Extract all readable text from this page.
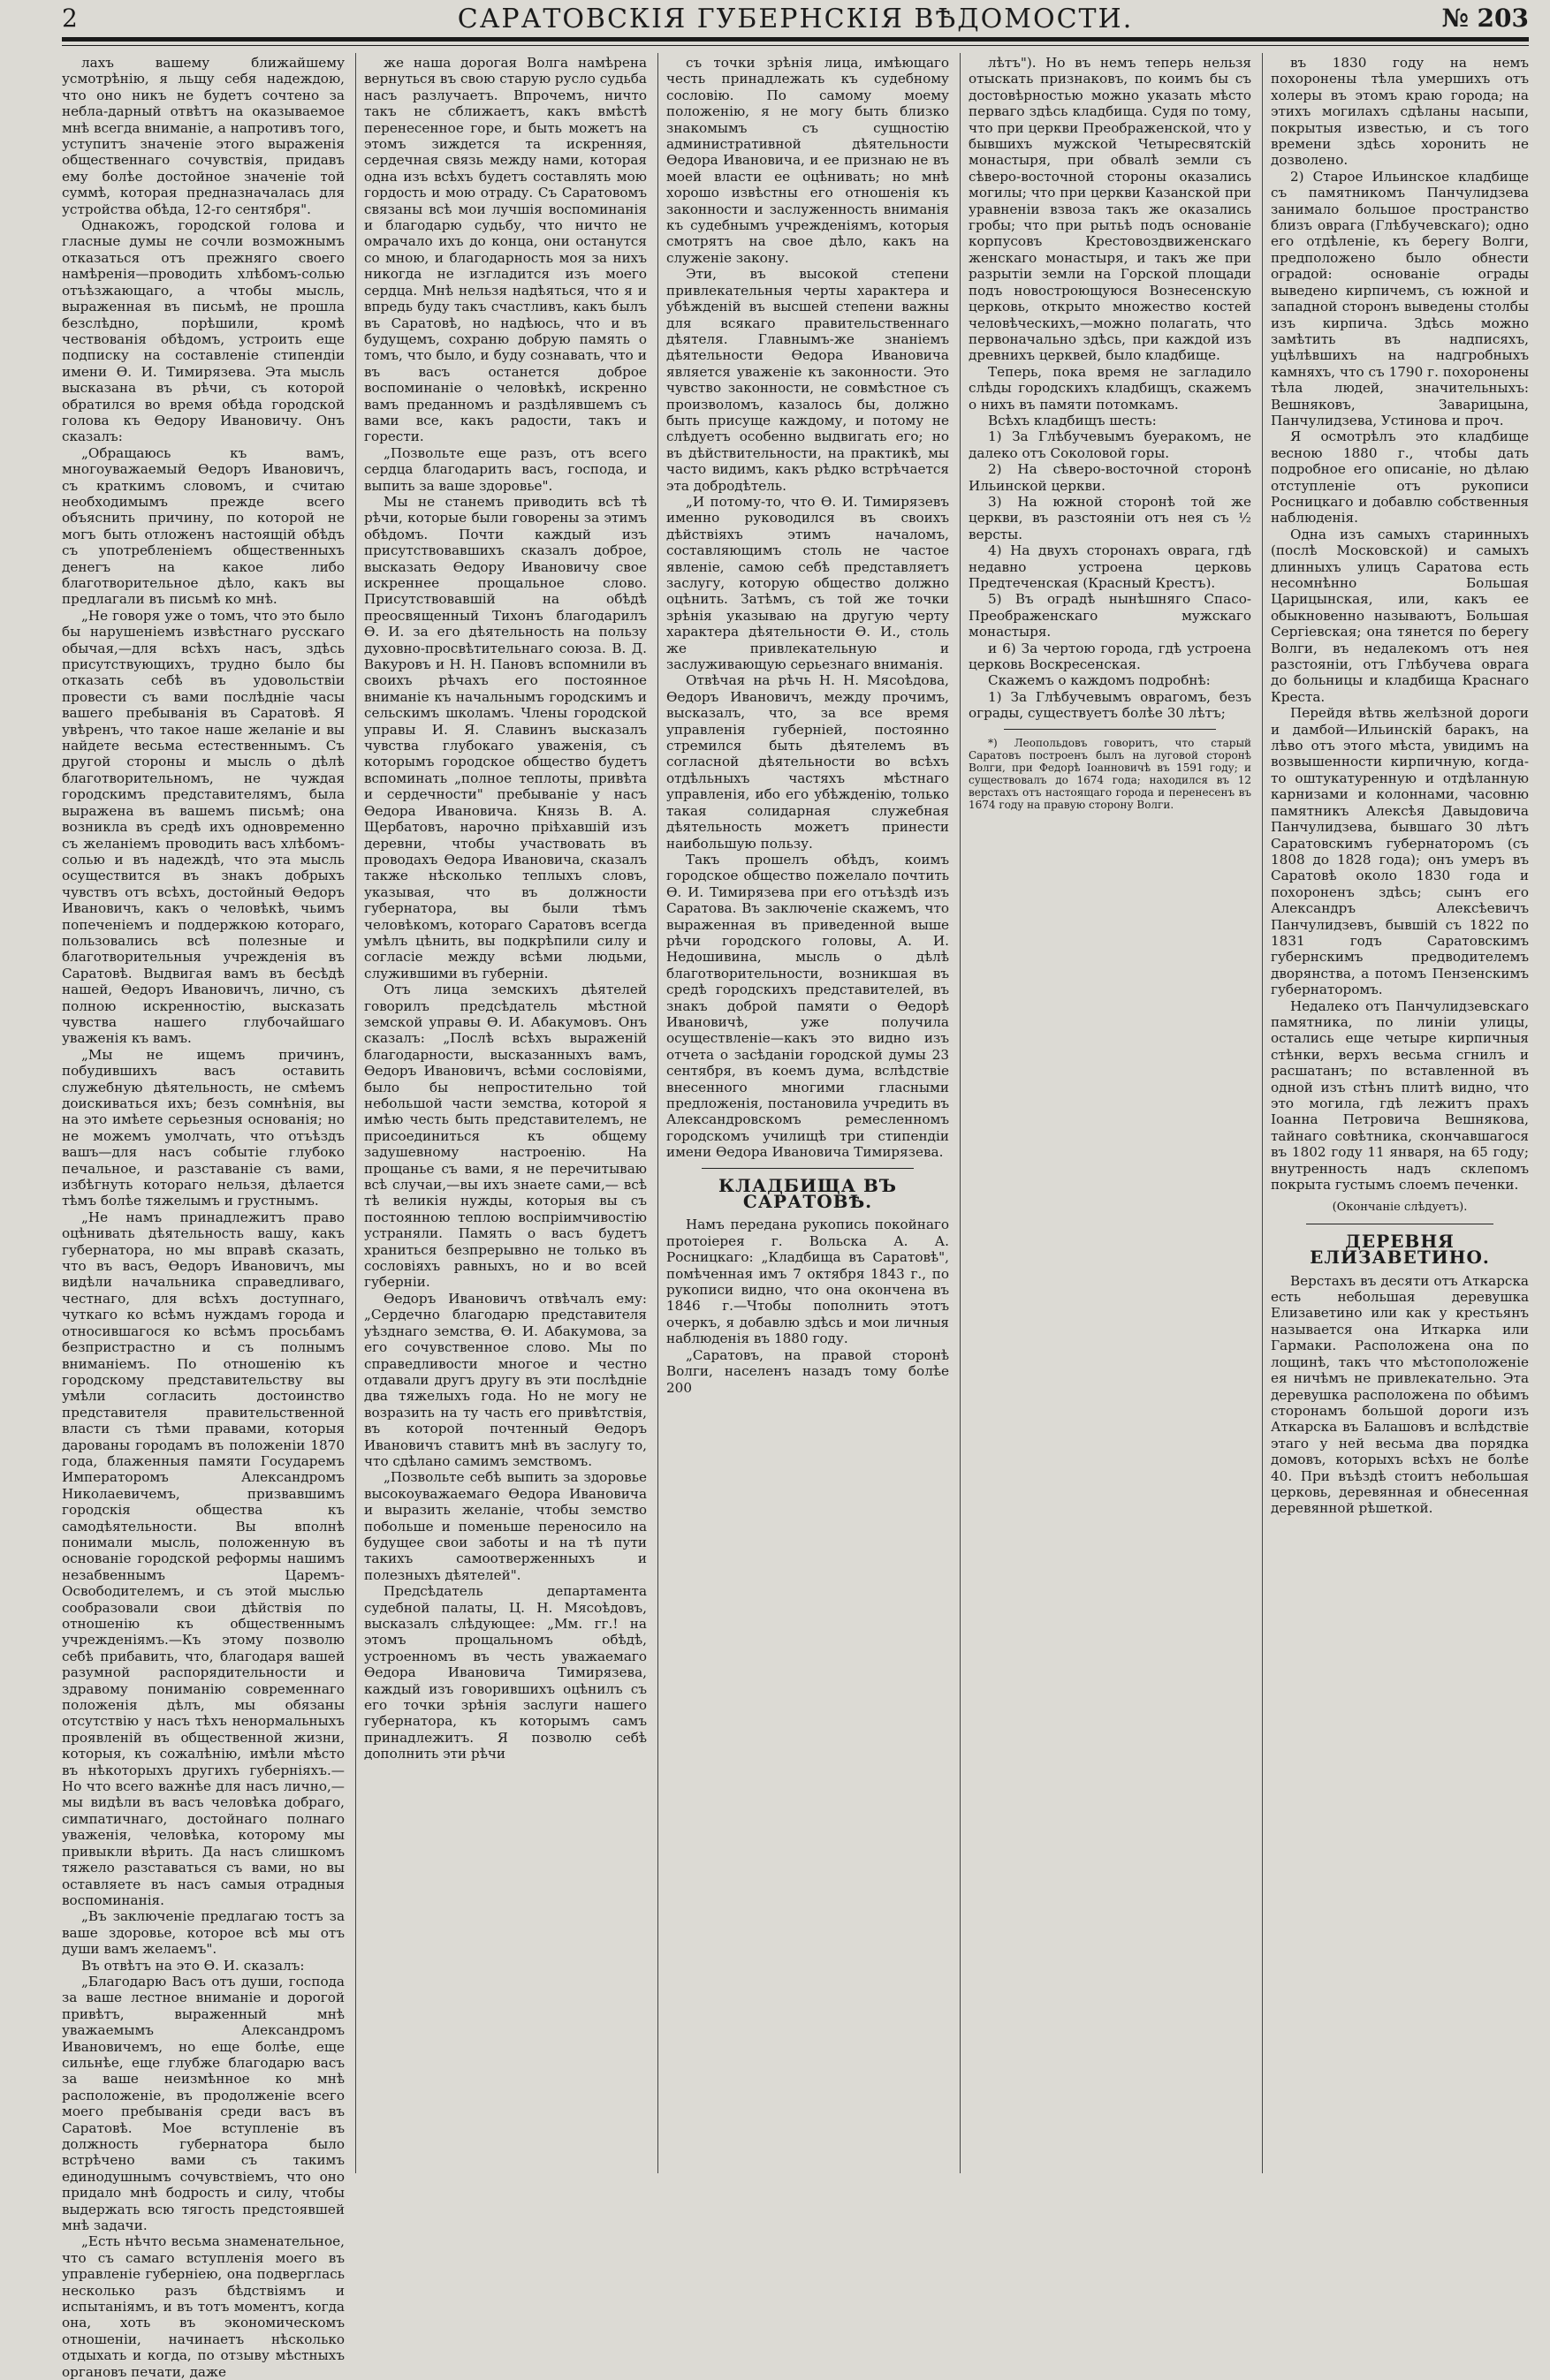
2	САРАТОВСКІЯ ГУБЕРНСКІЯ ВѢДОМОСТИ.	№ 203

лахъ вашему ближайшему усмотрѣнію, я льщу себя надеждою, что оно никъ не будетъ сочтено за небла-дарный отвѣтъ на оказываемое мнѣ всегда вниманіе, а напротивъ того, уступитъ значеніе этого выраженія общественнаго сочувствія, придавъ ему болѣе достойное значеніе той суммѣ, которая предназначалась для устройства обѣда, 12-го сентября".

Однакожъ, городской голова и гласные думы не сочли возможнымъ отказаться отъ прежняго своего намѣренія—проводить хлѣбомъ-солью отъѣзжающаго, а чтобы мысль, выраженная въ письмѣ, не прошла безслѣдно, порѣшили, кромѣ чествованія обѣдомъ, устроить еще подписку на составленіе стипендіи имени Ѳ. И. Тимирязева. Эта мысль высказана въ рѣчи, съ которой обратился во время обѣда городской голова къ Ѳедору Ивановичу. Онъ сказалъ:

„Обращаюсь къ вамъ, многоуважаемый Ѳедоръ Ивановичъ, съ краткимъ словомъ, и считаю необходимымъ прежде всего объяснить причину, по которой не могъ быть отложенъ настоящій обѣдъ съ употребленіемъ общественныхъ денегъ на какое либо благотворительное дѣло, какъ вы предлагали въ письмѣ ко мнѣ.

„Не говоря уже о томъ, что это было бы нарушеніемъ извѣстнаго русскаго обычая,—для всѣхъ насъ, здѣсь присутствующихъ, трудно было бы отказать себѣ въ удовольствіи провести съ вами послѣдніе часы вашего пребыванія въ Саратовѣ. Я увѣренъ, что такое наше желаніе и вы найдете весьма естественнымъ. Съ другой стороны и мысль о дѣлѣ благотворительномъ, не чуждая городскимъ представителямъ, была выражена въ вашемъ письмѣ; она возникла въ средѣ ихъ одновременно съ желаніемъ проводить васъ хлѣбомъ-солью и въ надеждѣ, что эта мысль осуществится въ знакъ добрыхъ чувствъ отъ всѣхъ, достойный Ѳедоръ Ивановичъ, какъ о человѣкѣ, чьимъ попеченіемъ и поддержкою котораго, пользовались всѣ полезные и благотворительныя учрежденія въ Саратовѣ. Выдвигая вамъ въ бесѣдѣ нашей, Ѳедоръ Ивановичъ, лично, съ полною искренностію, высказать чувства нашего глубочайшаго уваженія къ вамъ.

„Мы не ищемъ причинъ, побудившихъ васъ оставить служебную дѣятельность, не смѣемъ доискиваться ихъ; безъ сомнѣнія, вы на это имѣете серьезныя основанія; но не можемъ умолчать, что отъѣздъ вашъ—для насъ событіе глубоко печальное, и разставаніе съ вами, избѣгнуть котораго нельзя, дѣлается тѣмъ болѣе тяжелымъ и грустнымъ.

„Не намъ принадлежитъ право оцѣнивать дѣятельность вашу, какъ губернатора, но мы вправѣ сказать, что въ васъ, Ѳедоръ Ивановичъ, мы видѣли начальника справедливаго, честнаго, для всѣхъ доступнаго, чуткаго ко всѣмъ нуждамъ города и относившагося ко всѣмъ просьбамъ безпристрастно и съ полнымъ вниманіемъ. По отношенію къ городскому представительству вы умѣли согласить достоинство представителя правительственной власти съ тѣми правами, которыя дарованы городамъ въ положеніи 1870 года, блаженныя памяти Государемъ Императоромъ Александромъ Николаевичемъ, призвавшимъ городскія общества къ самодѣятельности. Вы вполнѣ понимали мысль, положенную въ основаніе городской реформы нашимъ незабвеннымъ Царемъ-Освободителемъ, и съ этой мыслью сообразовали свои дѣйствія по отношенію къ общественнымъ учрежденіямъ.—Къ этому позволю себѣ прибавить, что, благодаря вашей разумной распорядительности и здравому пониманію современнаго положенія дѣлъ, мы обязаны отсутствію у насъ тѣхъ ненормальныхъ проявленій въ общественной жизни, которыя, къ сожалѣнію, имѣли мѣсто въ нѣкоторыхъ другихъ губерніяхъ.—Но что всего важнѣе для насъ лично,—мы видѣли въ васъ человѣка добраго, симпатичнаго, достойнаго полнаго уваженія, человѣка, которому мы привыкли вѣрить. Да насъ слишкомъ тяжело разставаться съ вами, но вы оставляете въ насъ самыя отрадныя воспоминанія.

„Въ заключеніе предлагаю тостъ за ваше здоровье, которое всѣ мы отъ души вамъ желаемъ".

Въ отвѣтъ на это Ѳ. И. сказалъ:

„Благодарю Васъ отъ души, господа за ваше лестное вниманіе и дорогой привѣтъ, выраженный мнѣ уважаемымъ Александромъ Ивановичемъ, но еще болѣе, еще сильнѣе, еще глубже благодарю васъ за ваше неизмѣнное ко мнѣ расположеніе, въ продолженіе всего моего пребыванія среди васъ въ Саратовѣ. Мое вступленіе въ должность губернатора было встрѣчено вами съ такимъ единодушнымъ сочувствіемъ, что оно придало мнѣ бодрость и силу, чтобы выдержать всю тягость предстоявшей мнѣ задачи.

„Есть нѣчто весьма знаменательное, что съ самаго вступленія моего въ управленіе губерніею, она подверглась несколько разъ бѣдствіямъ и испытаніямъ, и въ тотъ моментъ, когда она, хоть въ экономическомъ отношеніи, начинаетъ нѣсколько отдыхать и когда, по отзыву мѣстныхъ органовъ печати, даже

же наша дорогая Волга намѣрена вернуться въ свою старую русло судьба насъ разлучаетъ. Впрочемъ, ничто такъ не сближаетъ, какъ вмѣстѣ перенесенное горе, и быть можетъ на этомъ зиждется та искренняя, сердечная связь между нами, которая одна изъ всѣхъ будетъ составлять мою гордость и мою отраду. Съ Саратовомъ связаны всѣ мои лучшія воспоминанія и благодарю судьбу, что ничто не омрачало ихъ до конца, они останутся со мною, и благодарность моя за нихъ никогда не изгладится изъ моего сердца. Мнѣ нельзя надѣяться, что я и впредь буду такъ счастливъ, какъ былъ въ Саратовѣ, но надѣюсь, что и въ будущемъ, сохраню добрую память о томъ, что было, и буду сознавать, что и въ васъ останется доброе воспоминаніе о человѣкѣ, искренно вамъ преданномъ и раздѣлявшемъ съ вами все, какъ радости, такъ и горести.

„Позвольте еще разъ, отъ всего сердца благодарить васъ, господа, и выпить за ваше здоровье".

Мы не станемъ приводить всѣ тѣ рѣчи, которые были говорены за этимъ обѣдомъ. Почти каждый изъ присутствовавшихъ сказалъ доброе, высказать Ѳедору Ивановичу свое искреннее прощальное слово. Присутствовавшій на обѣдѣ преосвященный Тихонъ благодарилъ Ѳ. И. за его дѣятельность на пользу духовно-просвѣтительнаго союза. В. Д. Вакуровъ и Н. Н. Пановъ вспомнили въ своихъ рѣчахъ его постоянное вниманіе къ начальнымъ городскимъ и сельскимъ школамъ. Члены городской управы И. Я. Славинъ высказалъ чувства глубокаго уваженія, съ которымъ городское общество будетъ вспоминать „полное теплоты, привѣта и сердечности" пребываніе у насъ Ѳедора Ивановича. Князь В. А. Щербатовъ, нарочно пріѣхавшій изъ деревни, чтобы участвовать въ проводахъ Ѳедора Ивановича, сказалъ также нѣсколько теплыхъ словъ, указывая, что въ должности губернатора, вы были тѣмъ человѣкомъ, котораго Саратовъ всегда умѣлъ цѣнить, вы подкрѣпили силу и согласіе между всѣми людьми, служившими въ губерніи.

Отъ лица земскихъ дѣятелей говорилъ предсѣдатель мѣстной земской управы Ѳ. И. Абакумовъ. Онъ сказалъ: „Послѣ всѣхъ выраженій благодарности, высказанныхъ вамъ, Ѳедоръ Ивановичъ, всѣми сословіями, было бы непростительно той небольшой части земства, которой я имѣю честь быть представителемъ, не присоединиться къ общему задушевному настроенію. На прощанье съ вами, я не перечитываю всѣ случаи,—вы ихъ знаете сами,— всѣ тѣ великія нужды, которыя вы съ постоянною теплою воспріимчивостію устраняли. Память о васъ будетъ храниться безпрерывно не только въ сословіяхъ равныхъ, но и во всей губерніи.

Ѳедоръ Ивановичъ отвѣчалъ ему: „Сердечно благодарю представителя уѣзднаго земства, Ѳ. И. Абакумова, за его сочувственное слово. Мы по справедливости многое и честно отдавали другъ другу въ эти послѣдніе два тяжелыхъ года. Но не могу не возразить на ту часть его привѣтствія, въ которой почтенный Ѳедоръ Ивановичъ ставитъ мнѣ въ заслугу то, что сдѣлано самимъ земствомъ.

„Позвольте себѣ выпить за здоровье высокоуважаемаго Ѳедора Ивановича и выразить желаніе, чтобы земство побольше и поменьше переносило на будущее свои заботы и на тѣ пути такихъ самоотверженныхъ и полезныхъ дѣятелей".

Предсѣдатель департамента судебной палаты, Ц. Н. Мясоѣдовъ, высказалъ слѣдующее: „Мм. гг.! на этомъ прощальномъ обѣдѣ, устроенномъ въ честь уважаемаго Ѳедора Ивановича Тимирязева, каждый изъ говорившихъ оцѣнилъ съ его точки зрѣнія заслуги нашего губернатора, къ которымъ самъ принадлежитъ. Я позволю себѣ дополнить эти рѣчи

съ точки зрѣнія лица, имѣющаго честь принадлежать къ судебному сословію. По самому моему положенію, я не могу быть близко знакомымъ съ сущностію административной дѣятельности Ѳедора Ивановича, и ее признаю не въ моей власти ее оцѣнивать; но мнѣ хорошо извѣстны его отношенія къ законности и заслуженность вниманія къ судебнымъ учрежденіямъ, которыя смотрятъ на свое дѣло, какъ на служеніе закону.

Эти, въ высокой степени привлекательныя черты характера и убѣжденій въ высшей степени важны для всякаго правительственнаго дѣятеля. Главнымъ-же знаніемъ дѣятельности Ѳедора Ивановича является уваженіе къ законности. Это чувство законности, не совмѣстное съ произволомъ, казалось бы, должно быть присуще каждому, и потому не слѣдуетъ особенно выдвигать его; но въ дѣйствительности, на практикѣ, мы часто видимъ, какъ рѣдко встрѣчается эта добродѣтель.

„И потому-то, что Ѳ. И. Тимирязевъ именно руководился въ своихъ дѣйствіяхъ этимъ началомъ, составляющимъ столь не частое явленіе, самою себѣ представляетъ заслугу, которую общество должно оцѣнить. Затѣмъ, съ той же точки зрѣнія указываю на другую черту характера дѣятельности Ѳ. И., столь же привлекательную и заслуживающую серьезнаго вниманія.

Отвѣчая на рѣчь Н. Н. Мясоѣдова, Ѳедоръ Ивановичъ, между прочимъ, высказалъ, что, за все время управленія губерніей, постоянно стремился быть дѣятелемъ въ согласной дѣятельности во всѣхъ отдѣльныхъ частяхъ мѣстнаго управленія, ибо его убѣжденію, только такая солидарная служебная дѣятельность можетъ принести наибольшую пользу.

Такъ прошелъ обѣдъ, коимъ городское общество пожелало почтить Ѳ. И. Тимирязева при его отъѣздѣ изъ Саратова. Въ заключеніе скажемъ, что выраженная въ приведенной выше рѣчи городского головы, А. И. Недошивина, мысль о дѣлѣ благотворительности, возникшая въ средѣ городскихъ представителей, въ знакъ доброй памяти о Ѳедорѣ Ивановичѣ, уже получила осуществленіе—какъ это видно изъ отчета о засѣданіи городской думы 23 сентября, въ коемъ дума, вслѣдствіе внесенного многими гласными предложенія, постановила учредить въ Александровскомъ ремесленномъ городскомъ училищѣ три стипендіи имени Ѳедора Ивановича Тимирязева.

КЛАДБИЩА ВЪ САРАТОВѢ.

Намъ передана рукопись покойнаго протоіерея г. Вольска А. А. Росницкаго: „Кладбища въ Саратовѣ", помѣченная имъ 7 октября 1843 г., по рукописи видно, что она окончена въ 1846 г.—Чтобы пополнить этотъ очеркъ, я добавлю здѣсь и мои личныя наблюденія въ 1880 году.

„Саратовъ, на правой сторонѣ Волги, населенъ назадъ тому болѣе 200

лѣтъ"). Но въ немъ теперь нельзя отыскать признаковъ, по коимъ бы съ достовѣрностью можно указать мѣсто перваго здѣсь кладбища. Судя по тому, что при церкви Преображенской, что у бывшихъ мужской Четыресвятскій монастыря, при обвалѣ земли съ сѣверо-восточной стороны оказались могилы; что при церкви Казанской при уравненіи взвоза такъ же оказались гробы; что при рытьѣ подъ основаніе корпусовъ Крестовоздвиженскаго женскаго монастыря, и такъ же при разрытіи земли на Горской площади подъ новостроющуюся Вознесенскую церковь, открыто множество костей человѣческихъ,—можно полагать, что первоначально здѣсь, при каждой изъ древнихъ церквей, было кладбище.

Теперь, пока время не загладило слѣды городскихъ кладбищъ, скажемъ о нихъ въ памяти потомкамъ.

Всѣхъ кладбищъ шесть:

1) За Глѣбучевымъ буеракомъ, не далеко отъ Соколовой горы.

2) На сѣверо-восточной сторонѣ Ильинской церкви.

3) На южной сторонѣ той же церкви, въ разстояніи отъ нея съ ½ версты.

4) На двухъ сторонахъ оврага, гдѣ недавно устроена церковь Предтеченская (Красный Крестъ).

5) Въ оградѣ нынѣшняго Спасо-Преображенскаго мужскаго монастыря.

и 6) За чертою города, гдѣ устроена церковь Воскресенская.

Скажемъ о каждомъ подробнѣ:

1) За Глѣбучевымъ оврагомъ, безъ ограды, существуетъ болѣе 30 лѣтъ;

*) Леопольдовъ говоритъ, что старый Саратовъ построенъ былъ на луговой сторонѣ Волги, при Федорѣ Іоанновичѣ въ 1591 году; и существовалъ до 1674 года; находился въ 12 верстахъ отъ настоящаго города и перенесенъ въ 1674 году на правую сторону Волги.

въ 1830 году на немъ похоронены тѣла умершихъ отъ холеры въ этомъ краю города; на этихъ могилахъ сдѣланы насыпи, покрытыя известью, и съ того времени здѣсь хоронить не дозволено.

2) Старое Ильинское кладбище съ памятникомъ Панчулидзева занимало большое пространство близъ оврага (Глѣбучевскаго); одно его отдѣленіе, къ берегу Волги, предположено было обнести оградой: основаніе ограды выведено кирпичемъ, съ южной и западной сторонъ выведены столбы изъ кирпича. Здѣсь можно замѣтить въ надписяхъ, уцѣлѣвшихъ на надгробныхъ камняхъ, что съ 1790 г. похоронены тѣла людей, значительныхъ: Вешняковъ, Заварицына, Панчулидзева, Устинова и проч.

Я осмотрѣлъ это кладбище весною 1880 г., чтобы дать подробное его описаніе, но дѣлаю отступленіе отъ рукописи Росницкаго и добавлю собственныя наблюденія.

Одна изъ самыхъ старинныхъ (послѣ Московской) и самыхъ длинныхъ улицъ Саратова есть несомнѣнно Большая Царицынская, или, какъ ее обыкновенно называютъ, Большая Сергіевская; она тянется по берегу Волги, въ недалекомъ отъ нея разстояніи, отъ Глѣбучева оврага до больницы и кладбища Краснаго Креста.

Перейдя вѣтвь желѣзной дороги и дамбой—Ильинскій баракъ, на лѣво отъ этого мѣста, увидимъ на возвышенности кирпичную, когда-то оштукатуренную и отдѣланную карнизами и колоннами, часовню памятникъ Алексѣя Давыдовича Панчулидзева, бывшаго 30 лѣтъ Саратовскимъ губернаторомъ (съ 1808 до 1828 года); онъ умеръ въ Саратовѣ около 1830 года и похороненъ здѣсь; сынъ его Александръ Алексѣевичъ Панчулидзевъ, бывшій съ 1822 по 1831 годъ Саратовскимъ губернскимъ предводителемъ дворянства, а потомъ Пензенскимъ губернаторомъ.

Недалеко отъ Панчулидзевскаго памятника, по линіи улицы, остались еще четыре кирпичныя стѣнки, верхъ весьма сгнилъ и расшатанъ; по вставленной въ одной изъ стѣнъ плитѣ видно, что это могила, гдѣ лежитъ прахъ Іоанна Петровича Вешнякова, тайнаго совѣтника, скончавшагося въ 1802 году 11 января, на 65 году; внутренность надъ склепомъ покрыта густымъ слоемъ печенки.

(Окончаніе слѣдуетъ).
ДЕРЕВНЯ ЕЛИЗАВЕТИНО.

Верстахъ въ десяти отъ Аткарска есть небольшая деревушка Елизаветино или как у крестьянъ называется она Иткарка или Гармаки. Расположена она по лощинѣ, такъ что мѣстоположеніе ея ничѣмъ не привлекательно. Эта деревушка расположена по обѣимъ сторонамъ большой дороги изъ Аткарска въ Балашовъ и вслѣдствіе этаго у ней весьма два порядка домовъ, которыхъ всѣхъ не болѣе 40. При въѣздѣ стоитъ небольшая церковь, деревянная и обнесенная деревянной рѣшеткой.
